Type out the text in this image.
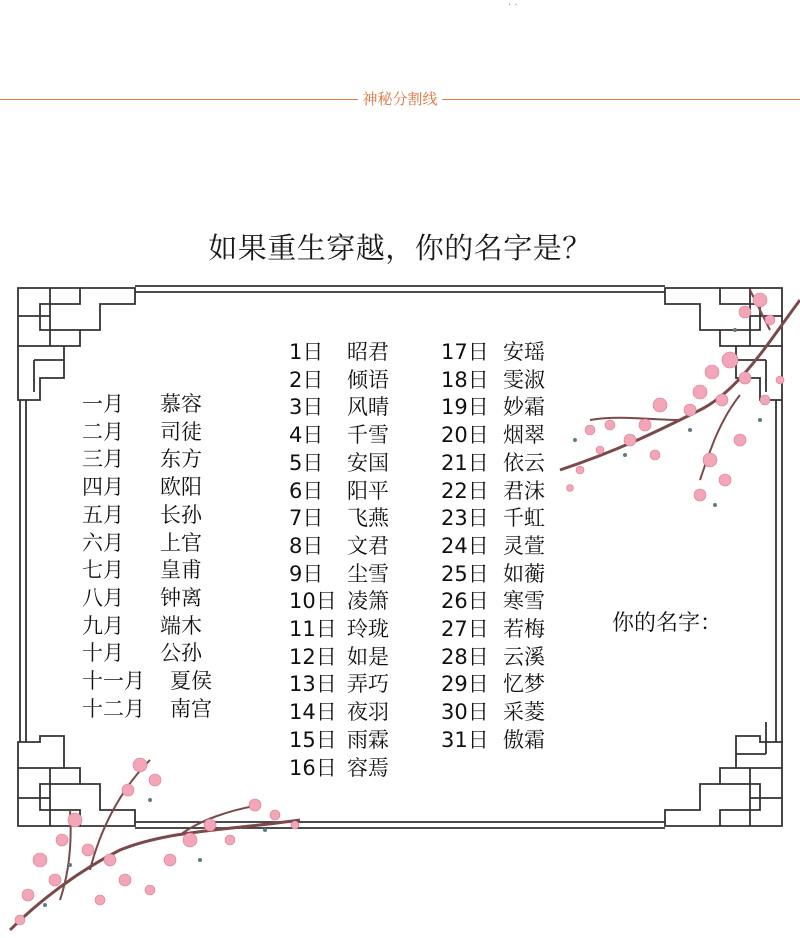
· ·
神秘分割线
如果重生穿越，你的名字是？
一月 慕容
二月 司徒
三月 东方
四月 欧阳
五月 长孙
六月 上官
七月 皇甫
八月 钟离
九月 端木
十月 公孙
十一月 夏侯
十二月 南宫
1日 昭君
2日 倾语
3日 风晴
4日 千雪
5日 安国
6日 阳平
7日 飞燕
8日 文君
9日 尘雪
10日 凌箫
11日 玲珑
12日 如是
13日 弄巧
14日 夜羽
15日 雨霖
16日 容焉
17日 安瑶
18日 雯淑
19日 妙霜
20日 烟翠
21日 依云
22日 君沫
23日 千虹
24日 灵萱
25日 如蘅
26日 寒雪
27日 若梅
28日 云溪
29日 忆梦
30日 采菱
31日 傲霜
你的名字：
